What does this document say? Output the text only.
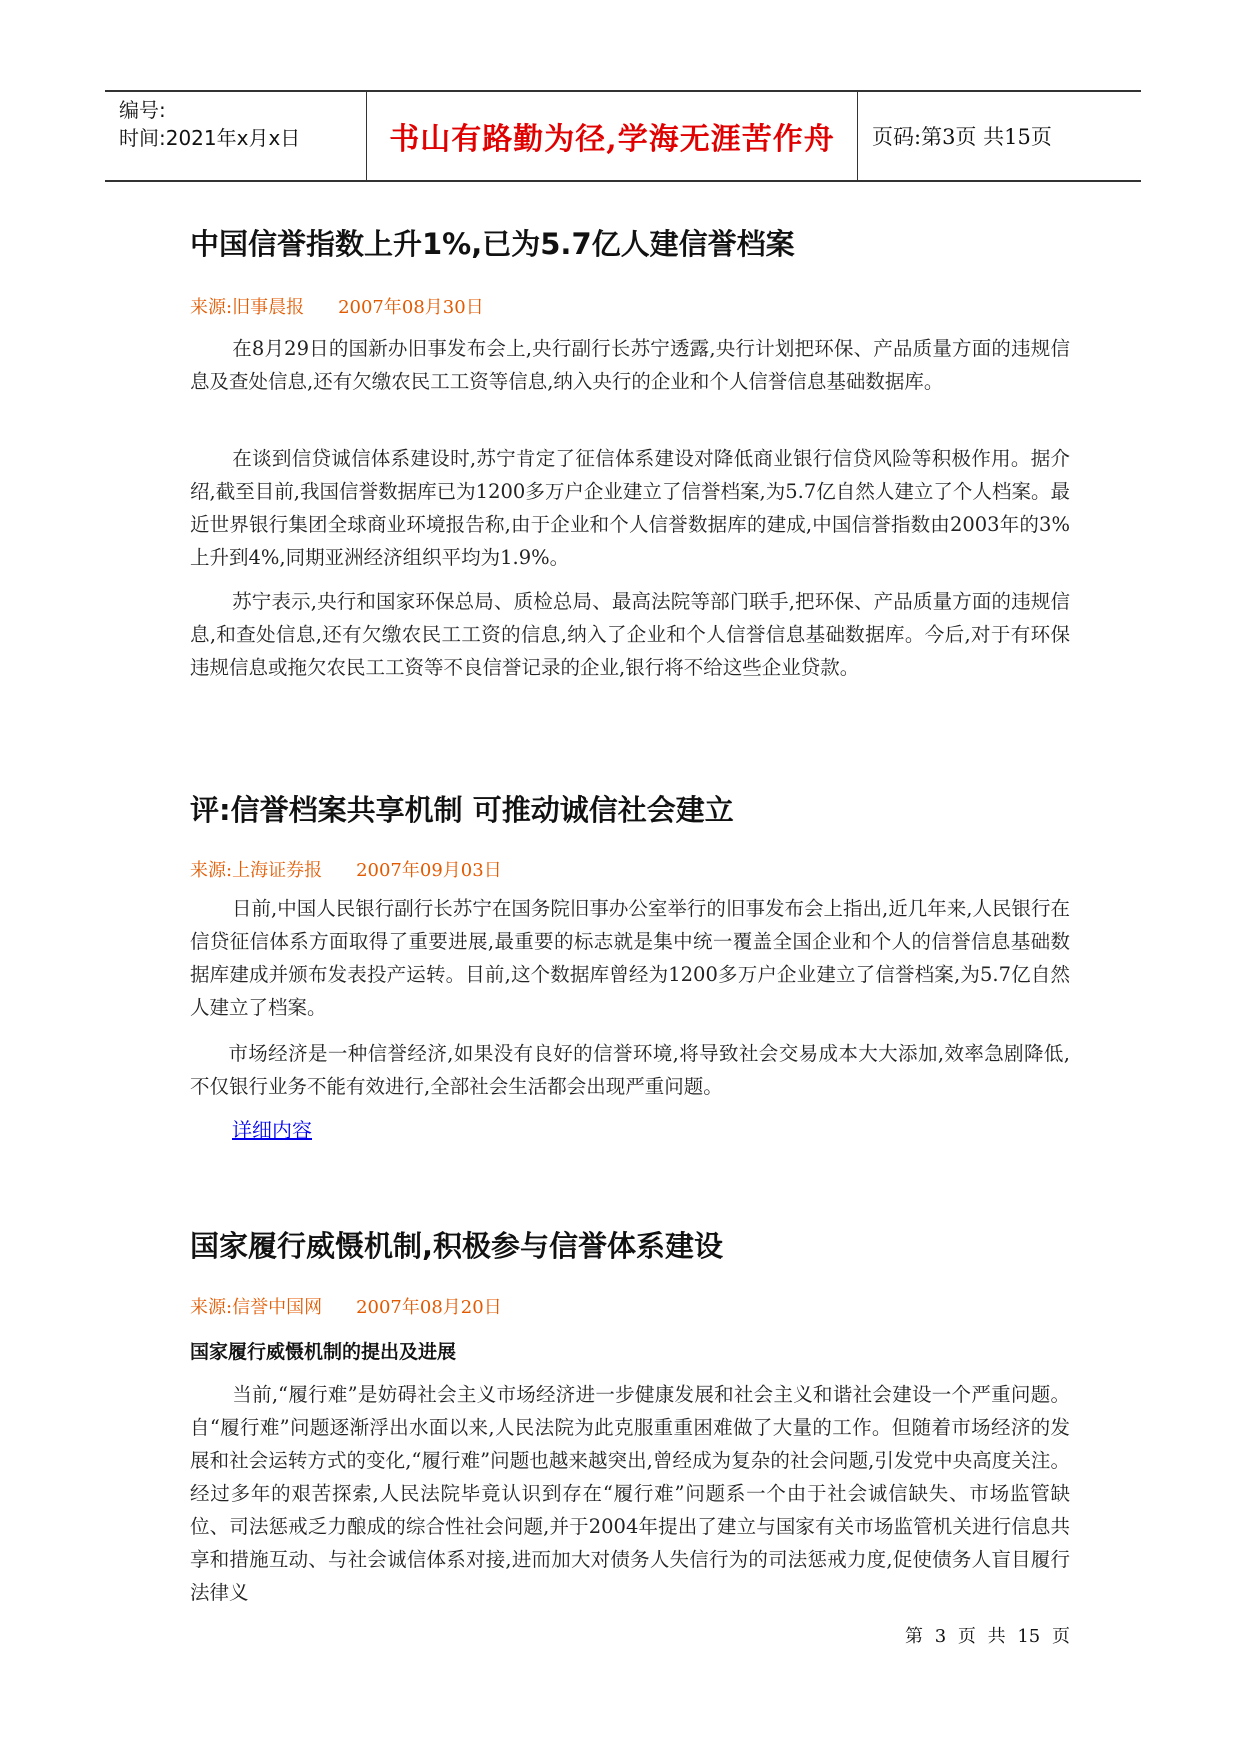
编号:
时间:2021年x月x日	书山有路勤为径,学海无涯苦作舟	页码:第3页 共15页
中国信誉指数上升1%,已为5.7亿人建信誉档案
来源:旧事晨报 2007年08月30日
在8月29日的国新办旧事发布会上,央行副行长苏宁透露,央行计划把环保、产品质量方面的违规信息及查处信息,还有欠缴农民工工资等信息,纳入央行的企业和个人信誉信息基础数据库。
在谈到信贷诚信体系建设时,苏宁肯定了征信体系建设对降低商业银行信贷风险等积极作用。据介绍,截至目前,我国信誉数据库已为1200多万户企业建立了信誉档案,为5.7亿自然人建立了个人档案。最近世界银行集团全球商业环境报告称,由于企业和个人信誉数据库的建成,中国信誉指数由2003年的3%上升到4%,同期亚洲经济组织平均为1.9%。
苏宁表示,央行和国家环保总局、质检总局、最高法院等部门联手,把环保、产品质量方面的违规信息,和查处信息,还有欠缴农民工工资的信息,纳入了企业和个人信誉信息基础数据库。今后,对于有环保违规信息或拖欠农民工工资等不良信誉记录的企业,银行将不给这些企业贷款。
评:信誉档案共享机制 可推动诚信社会建立
来源:上海证券报 2007年09月03日
日前,中国人民银行副行长苏宁在国务院旧事办公室举行的旧事发布会上指出,近几年来,人民银行在信贷征信体系方面取得了重要进展,最重要的标志就是集中统一覆盖全国企业和个人的信誉信息基础数据库建成并颁布发表投产运转。目前,这个数据库曾经为1200多万户企业建立了信誉档案,为5.7亿自然人建立了档案。
市场经济是一种信誉经济,如果没有良好的信誉环境,将导致社会交易成本大大添加,效率急剧降低,不仅银行业务不能有效进行,全部社会生活都会出现严重问题。
详细内容
国家履行威慑机制,积极参与信誉体系建设
来源:信誉中国网 2007年08月20日
国家履行威慑机制的提出及进展
当前,“履行难”是妨碍社会主义市场经济进一步健康发展和社会主义和谐社会建设一个严重问题。自“履行难”问题逐渐浮出水面以来,人民法院为此克服重重困难做了大量的工作。但随着市场经济的发展和社会运转方式的变化,“履行难”问题也越来越突出,曾经成为复杂的社会问题,引发党中央高度关注。经过多年的艰苦探索,人民法院毕竟认识到存在“履行难”问题系一个由于社会诚信缺失、市场监管缺位、司法惩戒乏力酿成的综合性社会问题,并于2004年提出了建立与国家有关市场监管机关进行信息共享和措施互动、与社会诚信体系对接,进而加大对债务人失信行为的司法惩戒力度,促使债务人盲目履行法律义
第 3 页 共 15 页
